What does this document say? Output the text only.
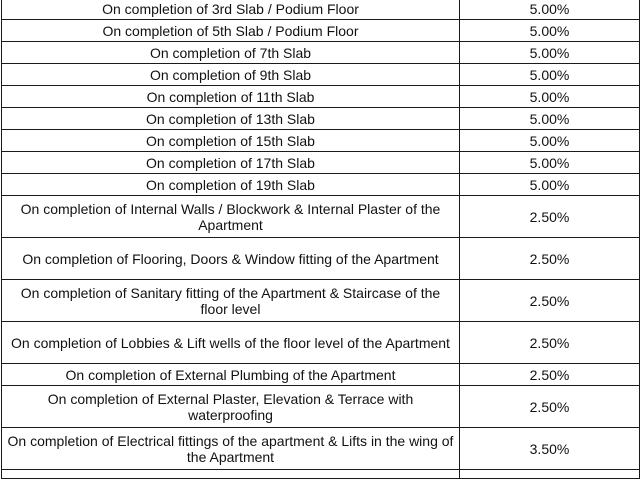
On completion of 3rd Slab / Podium Floor	5.00%
On completion of 5th Slab / Podium Floor	5.00%
On completion of 7th Slab	5.00%
On completion of 9th Slab	5.00%
On completion of 11th Slab	5.00%
On completion of 13th Slab	5.00%
On completion of 15th Slab	5.00%
On completion of 17th Slab	5.00%
On completion of 19th Slab	5.00%
On completion of Internal Walls / Blockwork & Internal Plaster of the Apartment	2.50%
On completion of Flooring, Doors & Window fitting of the Apartment	2.50%
On completion of Sanitary fitting of the Apartment & Staircase of the floor level	2.50%
On completion of Lobbies & Lift wells of the floor level of the Apartment	2.50%
On completion of External Plumbing of the Apartment	2.50%
On completion of External Plaster, Elevation & Terrace with waterproofing	2.50%
On completion of Electrical fittings of the apartment & Lifts in the wing of the Apartment	3.50%
